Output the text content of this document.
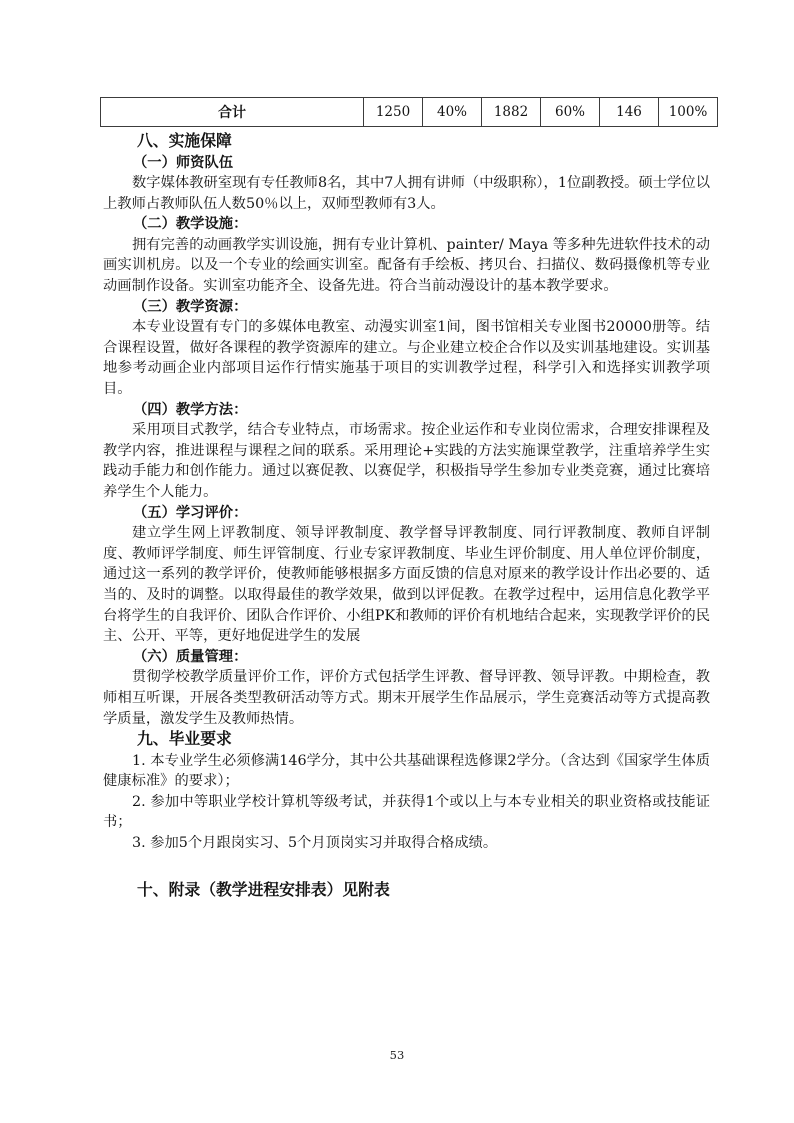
合计	1250	40%	1882	60%	146	100%
八、实施保障
（一）师资队伍
数字媒体教研室现有专任教师8名，其中7人拥有讲师（中级职称），1位副教授。硕士学位以上教师占教师队伍人数50％以上，双师型教师有3人。
（二）教学设施：
拥有完善的动画教学实训设施，拥有专业计算机、painter/ Maya 等多种先进软件技术的动画实训机房。以及一个专业的绘画实训室。配备有手绘板、拷贝台、扫描仪、数码摄像机等专业动画制作设备。实训室功能齐全、设备先进。符合当前动漫设计的基本教学要求。
（三）教学资源：
本专业设置有专门的多媒体电教室、动漫实训室1间，图书馆相关专业图书20000册等。结合课程设置，做好各课程的教学资源库的建立。与企业建立校企合作以及实训基地建设。实训基地参考动画企业内部项目运作行情实施基于项目的实训教学过程，科学引入和选择实训教学项目。
（四）教学方法：
采用项目式教学，结合专业特点，市场需求。按企业运作和专业岗位需求，合理安排课程及教学内容，推进课程与课程之间的联系。采用理论+实践的方法实施课堂教学，注重培养学生实践动手能力和创作能力。通过以赛促教、以赛促学，积极指导学生参加专业类竞赛，通过比赛培养学生个人能力。
（五）学习评价：
建立学生网上评教制度、领导评教制度、教学督导评教制度、同行评教制度、教师自评制度、教师评学制度、师生评管制度、行业专家评教制度、毕业生评价制度、用人单位评价制度，通过这一系列的教学评价，使教师能够根据多方面反馈的信息对原来的教学设计作出必要的、适当的、及时的调整。以取得最佳的教学效果，做到以评促教。在教学过程中，运用信息化教学平台将学生的自我评价、团队合作评价、小组PK和教师的评价有机地结合起来，实现教学评价的民主、公开、平等，更好地促进学生的发展
（六）质量管理：
贯彻学校教学质量评价工作，评价方式包括学生评教、督导评教、领导评教。中期检查，教师相互听课，开展各类型教研活动等方式。期末开展学生作品展示，学生竞赛活动等方式提高教学质量，激发学生及教师热情。
九、毕业要求
1. 本专业学生必须修满146学分，其中公共基础课程选修课2学分。（含达到《国家学生体质健康标准》的要求）；
2. 参加中等职业学校计算机等级考试，并获得1个或以上与本专业相关的职业资格或技能证书；
3. 参加5个月跟岗实习、5个月顶岗实习并取得合格成绩。
十、附录（教学进程安排表）见附表
53
